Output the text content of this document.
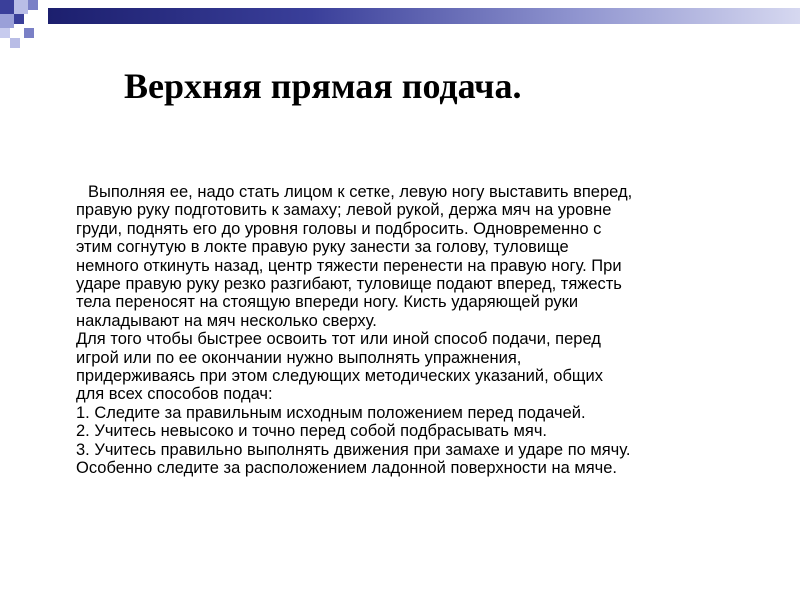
Верхняя прямая подача.
Выполняя ее, надо стать лицом к сетке, левую ногу выставить вперед,
правую руку подготовить к замаху; левой рукой, держа мяч на уровне
груди, поднять его до уровня головы и подбросить. Одновременно с
этим согнутую в локте правую руку занести за голову, туловище
немного откинуть назад, центр тяжести перенести на правую ногу. При
ударе правую руку резко разгибают, туловище подают вперед, тяжесть
тела переносят на стоящую впереди ногу. Кисть ударяющей руки
накладывают на мяч несколько сверху.
Для того чтобы быстрее освоить тот или иной способ подачи, перед
игрой или по ее окончании нужно выполнять упражнения,
придерживаясь при этом следующих методических указаний, общих
для всех способов подач:
1. Следите за правильным исходным положением перед подачей.
2. Учитесь невысоко и точно перед собой подбрасывать мяч.
3. Учитесь правильно выполнять движения при замахе и ударе по мячу.
Особенно следите за расположением ладонной поверхности на мяче.
